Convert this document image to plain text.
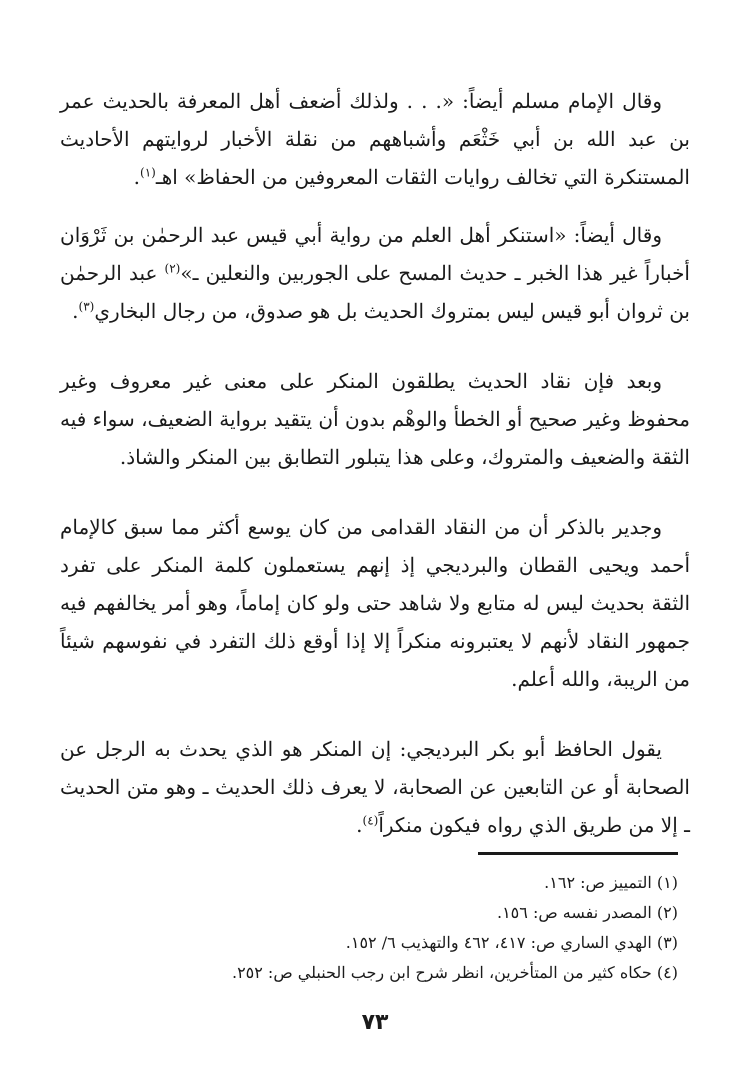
وقال الإمام مسلم أيضاً: «. . . ولذلك أضعف أهل المعرفة بالحديث عمر بن عبد الله بن أبي خَثْعَم وأشباههم من نقلة الأخبار لروايتهم الأحاديث المستنكرة التي تخالف روايات الثقات المعروفين من الحفاظ» اهـ$^{(١)}$.

وقال أيضاً: «استنكر أهل العلم من رواية أبي قيس عبد الرحمٰن بن ثَرْوَان أخباراً غير هذا الخبر ـ حديث المسح على الجوربين والنعلين ـ»$^{(٢)}$ عبد الرحمٰن بن ثروان أبو قيس ليس بمتروك الحديث بل هو صدوق، من رجال البخاري$^{(٣)}$.

وبعد فإن نقاد الحديث يطلقون المنكر على معنى غير معروف وغير محفوظ وغير صحيح أو الخطأ والوهْم بدون أن يتقيد برواية الضعيف، سواء فيه الثقة والضعيف والمتروك، وعلى هذا يتبلور التطابق بين المنكر والشاذ.

وجدير بالذكر أن من النقاد القدامى من كان يوسع أكثر مما سبق كالإمام أحمد ويحيى القطان والبرديجي إذ إنهم يستعملون كلمة المنكر على تفرد الثقة بحديث ليس له متابع ولا شاهد حتى ولو كان إماماً، وهو أمر يخالفهم فيه جمهور النقاد لأنهم لا يعتبرونه منكراً إلا إذا أوقع ذلك التفرد في نفوسهم شيئاً من الريبة، والله أعلم.

يقول الحافظ أبو بكر البرديجي: إن المنكر هو الذي يحدث به الرجل عن الصحابة أو عن التابعين عن الصحابة، لا يعرف ذلك الحديث ـ وهو متن الحديث ـ إلا من طريق الذي رواه فيكون منكراً$^{(٤)}$.

(١) التمييز ص: ١٦٢.

(٢) المصدر نفسه ص: ١٥٦.

(٣) الهدي الساري ص: ٤١٧، ٤٦٢ والتهذيب ٦/ ١٥٢.

(٤) حكاه كثير من المتأخرين، انظر شرح ابن رجب الحنبلي ص: ٢٥٢.

٧٣
